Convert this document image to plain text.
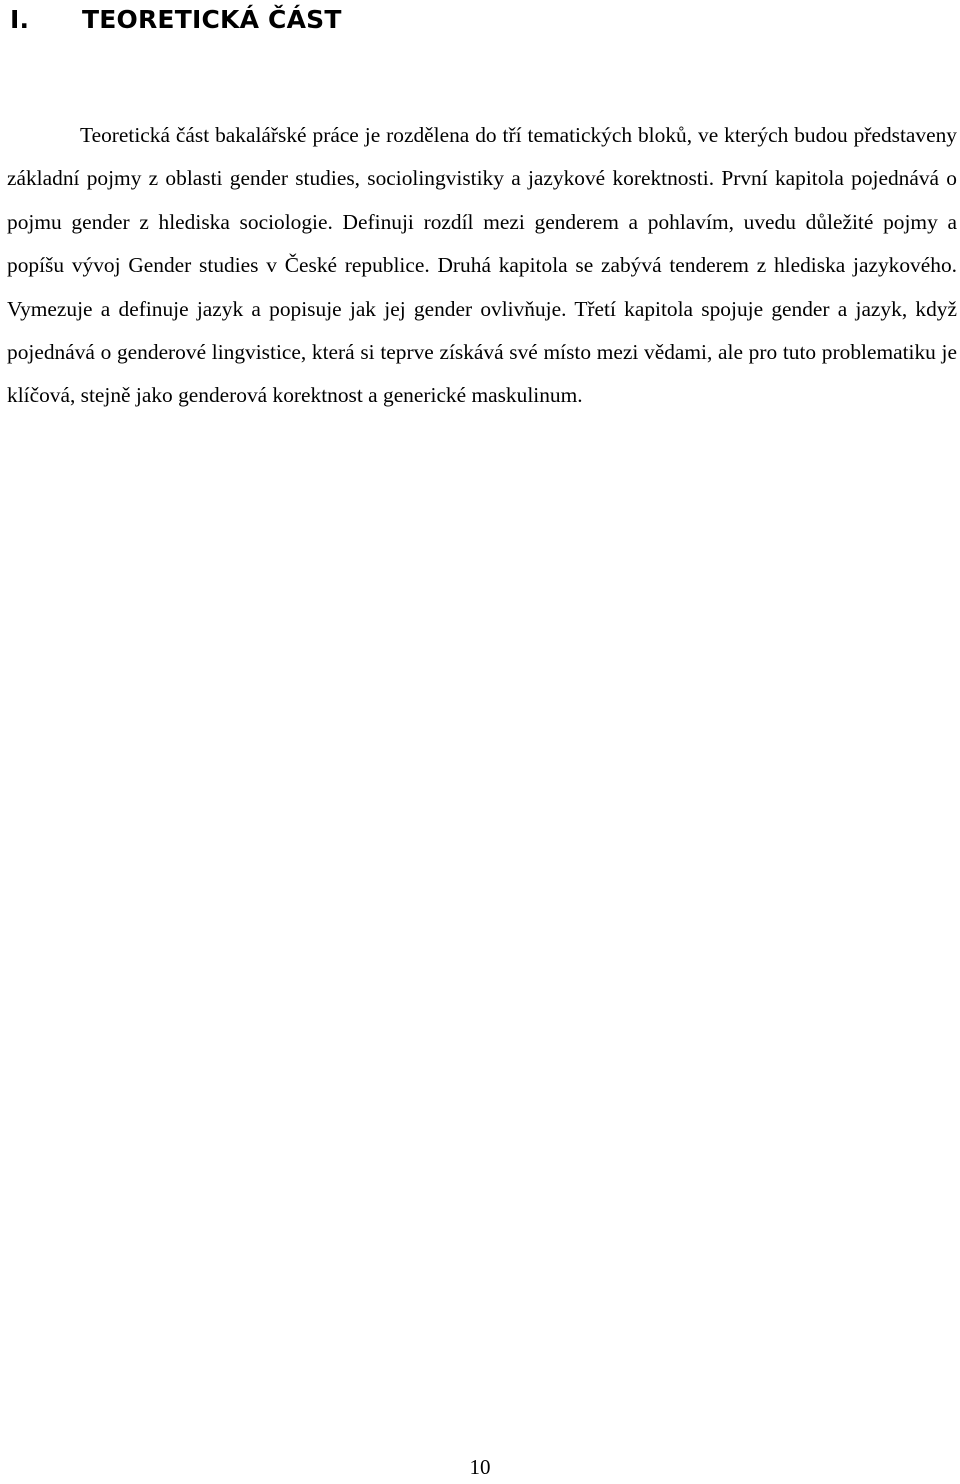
I. TEORETICKÁ ČÁST

Teoretická část bakalářské práce je rozdělena do tří tematických bloků, ve kterých budou představeny základní pojmy z oblasti gender studies, sociolingvistiky a jazykové korektnosti. První kapitola pojednává o pojmu gender z hlediska sociologie. Definuji rozdíl mezi genderem a pohlavím, uvedu důležité pojmy a popíšu vývoj Gender studies v České republice. Druhá kapitola se zabývá tenderem z hlediska jazykového. Vymezuje a definuje jazyk a popisuje jak jej gender ovlivňuje. Třetí kapitola spojuje gender a jazyk, když pojednává o genderové lingvistice, která si teprve získává své místo mezi vědami, ale pro tuto problematiku je klíčová, stejně jako genderová korektnost a generické maskulinum.

10
